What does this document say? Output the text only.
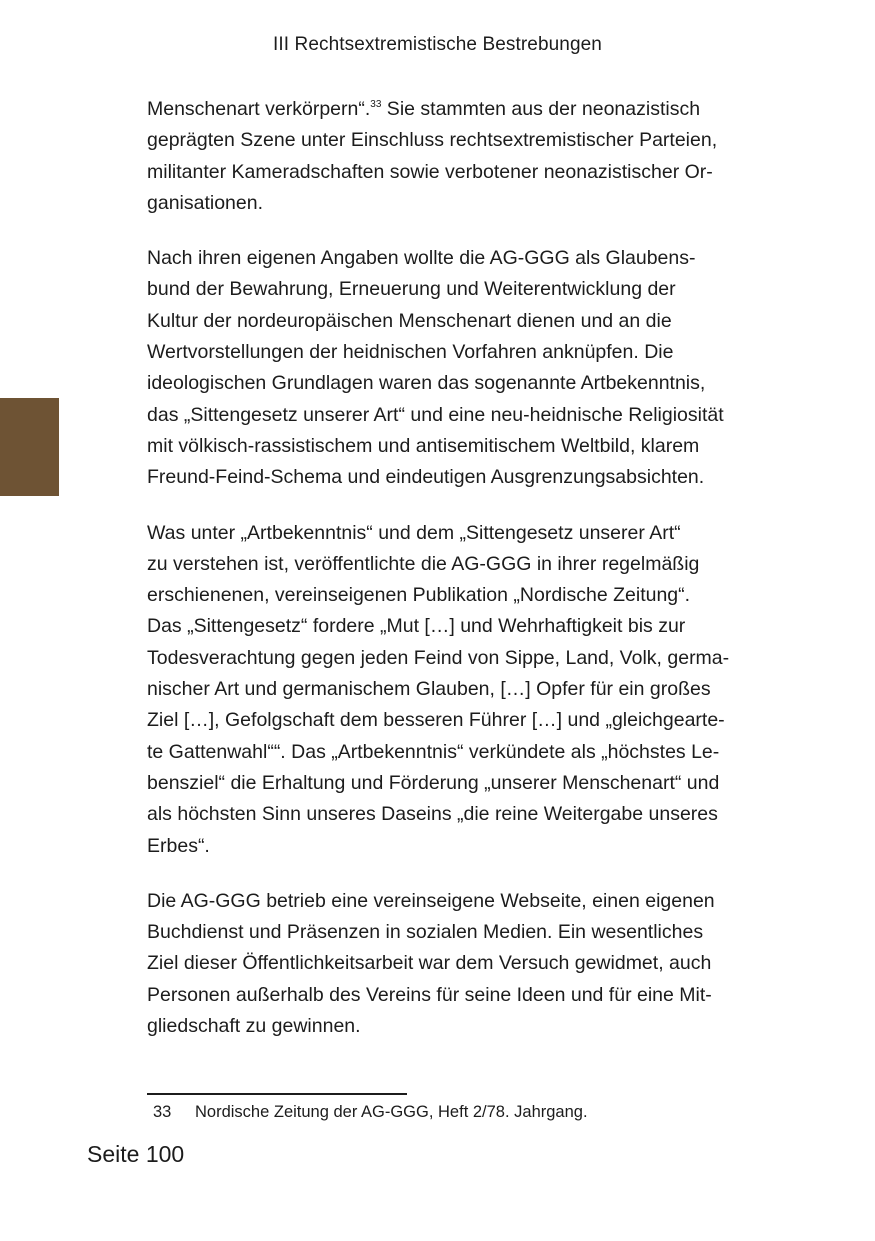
III Rechtsextremistische Bestrebungen

Menschenart verkörpern“.$^{33}$ Sie stammten aus der neonazistisch
geprägten Szene unter Einschluss rechtsextremistischer Parteien,
militanter Kameradschaften sowie verbotener neonazistischer Or-
ganisationen.

Nach ihren eigenen Angaben wollte die AG-GGG als Glaubens-
bund der Bewahrung, Erneuerung und Weiterentwicklung der
Kultur der nordeuropäischen Menschenart dienen und an die
Wertvorstellungen der heidnischen Vorfahren anknüpfen. Die
ideologischen Grundlagen waren das sogenannte Artbekenntnis,
das „Sittengesetz unserer Art“ und eine neu-heidnische Religiosität
mit völkisch-rassistischem und antisemitischem Weltbild, klarem
Freund-Feind-Schema und eindeutigen Ausgrenzungsabsichten.

Was unter „Artbekenntnis“ und dem „Sittengesetz unserer Art“
zu verstehen ist, veröffentlichte die AG-GGG in ihrer regelmäßig
erschienenen, vereinseigenen Publikation „Nordische Zeitung“.
Das „Sittengesetz“ fordere „Mut […] und Wehrhaftigkeit bis zur
Todesverachtung gegen jeden Feind von Sippe, Land, Volk, germa-
nischer Art und germanischem Glauben, […] Opfer für ein großes
Ziel […], Gefolgschaft dem besseren Führer […] und „gleichgearte-
te Gattenwahl““. Das „Artbekenntnis“ verkündete als „höchstes Le-
bensziel“ die Erhaltung und Förderung „unserer Menschenart“ und
als höchsten Sinn unseres Daseins „die reine Weitergabe unseres
Erbes“.

Die AG-GGG betrieb eine vereinseigene Webseite, einen eigenen
Buchdienst und Präsenzen in sozialen Medien. Ein wesentliches
Ziel dieser Öffentlichkeitsarbeit war dem Versuch gewidmet, auch
Personen außerhalb des Vereins für seine Ideen und für eine Mit-
gliedschaft zu gewinnen.

33 Nordische Zeitung der AG-GGG, Heft 2/78. Jahrgang.
Seite 100
